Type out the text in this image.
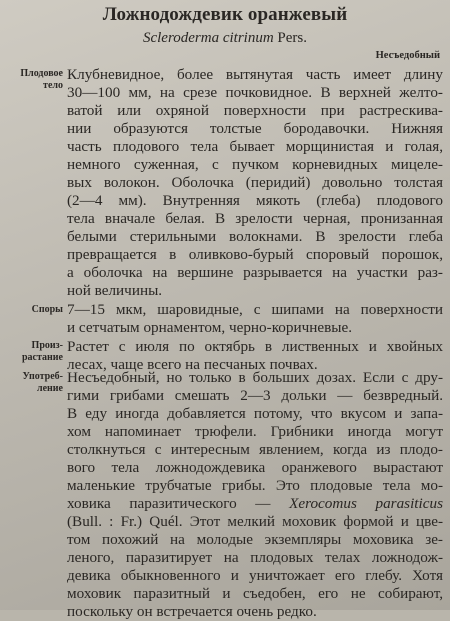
Ложнодождевик оранжевый
Scleroderma citrinum Pers.
Несъедобный
Плодовое
тело
Клубневидное, более вытянутая часть имеет длину
30—100 мм, на срезе почковидное. В верхней желто-
ватой или охряной поверхности при растрескива-
нии образуются толстые бородавочки. Нижняя
часть плодового тела бывает морщинистая и голая,
немного суженная, с пучком корневидных мицеле-
вых волокон. Оболочка (перидий) довольно толстая
(2—4 мм). Внутренняя мякоть (глеба) плодового
тела вначале белая. В зрелости черная, пронизанная
белыми стерильными волокнами. В зрелости глеба
превращается в оливково-бурый споровый порошок,
а оболочка на вершине разрывается на участки раз-
ной величины.
Споры 7—15 мкм, шаровидные, с шипами на поверхности
и сетчатым орнаментом, черно-коричневые.
Произ-
растание
Растет с июля по октябрь в лиственных и хвойных
лесах, чаще всего на песчаных почвах.
Употреб-
ление
Несъедобный, но только в больших дозах. Если с дру-
гими грибами смешать 2—3 дольки — безвредный.
В еду иногда добавляется потому, что вкусом и запа-
хом напоминает трюфели. Грибники иногда могут
столкнуться с интересным явлением, когда из плодо-
вого тела ложнодождевика оранжевого вырастают
маленькие трубчатые грибы. Это плодовые тела мо-
ховика паразитического — Xerocomus parasiticus
(Bull. : Fr.) Quél. Этот мелкий моховик формой и цве-
том похожий на молодые экземпляры моховика зе-
леного, паразитирует на плодовых телах ложнодож-
девика обыкновенного и уничтожает его глебу. Хотя
моховик паразитный и съедобен, его не собирают,
поскольку он встречается очень редко.
